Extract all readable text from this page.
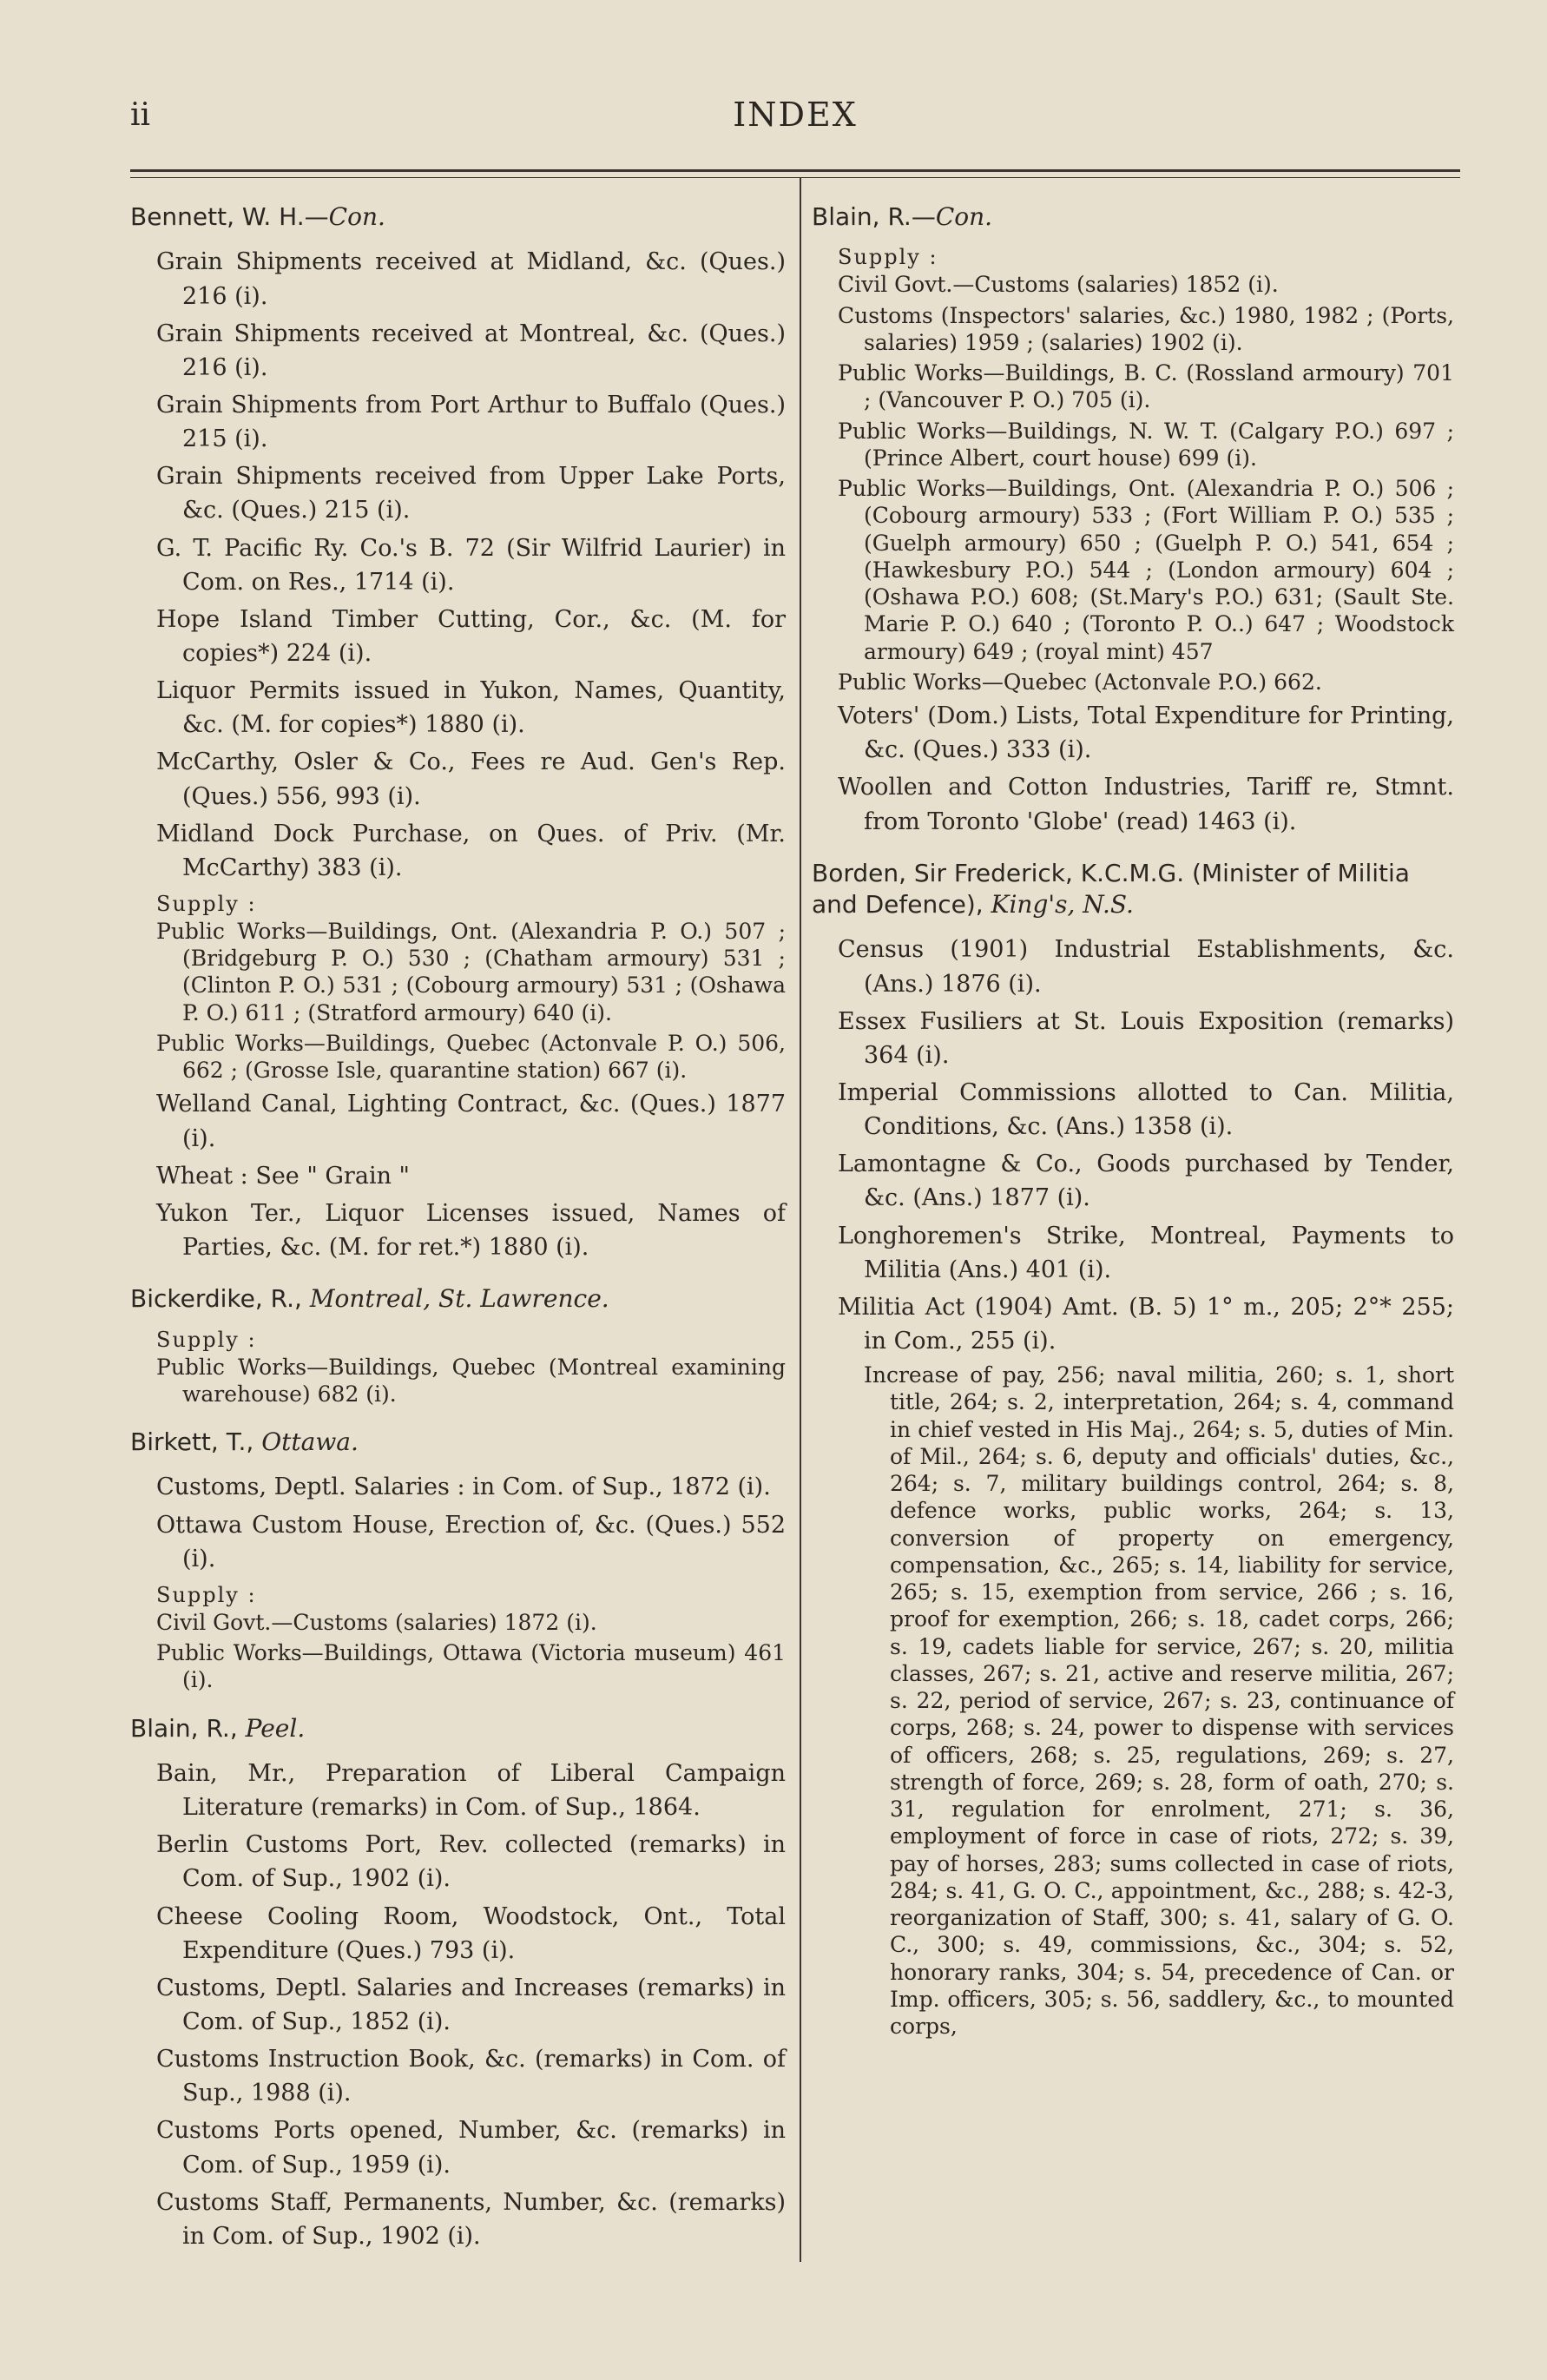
ii	INDEX
Bennett, W. H.—Con.
Grain Shipments received at Midland, &c. (Ques.) 216 (i).
Grain Shipments received at Montreal, &c. (Ques.) 216 (i).
Grain Shipments from Port Arthur to Buffalo (Ques.) 215 (i).
Grain Shipments received from Upper Lake Ports, &c. (Ques.) 215 (i).
G. T. Pacific Ry. Co.'s B. 72 (Sir Wilfrid Laurier) in Com. on Res., 1714 (i).
Hope Island Timber Cutting, Cor., &c. (M. for copies*) 224 (i).
Liquor Permits issued in Yukon, Names, Quantity, &c. (M. for copies*) 1880 (i).
McCarthy, Osler & Co., Fees re Aud. Gen's Rep. (Ques.) 556, 993 (i).
Midland Dock Purchase, on Ques. of Priv. (Mr. McCarthy) 383 (i).
Supply :
Public Works—Buildings, Ont. (Alexandria P. O.) 507 ; (Bridgeburg P. O.) 530 ; (Chatham armoury) 531 ; (Clinton P. O.) 531 ; (Cobourg armoury) 531 ; (Oshawa P. O.) 611 ; (Stratford armoury) 640 (i).
Public Works—Buildings, Quebec (Actonvale P. O.) 506, 662 ; (Grosse Isle, quarantine station) 667 (i).
Welland Canal, Lighting Contract, &c. (Ques.) 1877 (i).
Wheat : See " Grain "
Yukon Ter., Liquor Licenses issued, Names of Parties, &c. (M. for ret.*) 1880 (i).
Bickerdike, R., Montreal, St. Lawrence.
Supply :
Public Works—Buildings, Quebec (Montreal examining warehouse) 682 (i).
Birkett, T., Ottawa.
Customs, Deptl. Salaries : in Com. of Sup., 1872 (i).
Ottawa Custom House, Erection of, &c. (Ques.) 552 (i).
Supply :
Civil Govt.—Customs (salaries) 1872 (i).
Public Works—Buildings, Ottawa (Victoria museum) 461 (i).
Blain, R., Peel.
Bain, Mr., Preparation of Liberal Campaign Literature (remarks) in Com. of Sup., 1864.
Berlin Customs Port, Rev. collected (remarks) in Com. of Sup., 1902 (i).
Cheese Cooling Room, Woodstock, Ont., Total Expenditure (Ques.) 793 (i).
Customs, Deptl. Salaries and Increases (remarks) in Com. of Sup., 1852 (i).
Customs Instruction Book, &c. (remarks) in Com. of Sup., 1988 (i).
Customs Ports opened, Number, &c. (remarks) in Com. of Sup., 1959 (i).
Customs Staff, Permanents, Number, &c. (remarks) in Com. of Sup., 1902 (i).
Blain, R.—Con.
Supply :
Civil Govt.—Customs (salaries) 1852 (i).
Customs (Inspectors' salaries, &c.) 1980, 1982 ; (Ports, salaries) 1959 ; (salaries) 1902 (i).
Public Works—Buildings, B. C. (Rossland armoury) 701 ; (Vancouver P. O.) 705 (i).
Public Works—Buildings, N. W. T. (Calgary P.O.) 697 ; (Prince Albert, court house) 699 (i).
Public Works—Buildings, Ont. (Alexandria P. O.) 506 ; (Cobourg armoury) 533 ; (Fort William P. O.) 535 ; (Guelph armoury) 650 ; (Guelph P. O.) 541, 654 ; (Hawkesbury P.O.) 544 ; (London armoury) 604 ; (Oshawa P.O.) 608; (St.Mary's P.O.) 631; (Sault Ste. Marie P. O.) 640 ; (Toronto P. O..) 647 ; Woodstock armoury) 649 ; (royal mint) 457
Public Works—Quebec (Actonvale P.O.) 662.
Voters' (Dom.) Lists, Total Expenditure for Printing, &c. (Ques.) 333 (i).
Woollen and Cotton Industries, Tariff re, Stmnt. from Toronto 'Globe' (read) 1463 (i).
Borden, Sir Frederick, K.C.M.G. (Minister of Militia and Defence), King's, N.S.
Census (1901) Industrial Establishments, &c. (Ans.) 1876 (i).
Essex Fusiliers at St. Louis Exposition (remarks) 364 (i).
Imperial Commissions allotted to Can. Militia, Conditions, &c. (Ans.) 1358 (i).
Lamontagne & Co., Goods purchased by Tender, &c. (Ans.) 1877 (i).
Longhoremen's Strike, Montreal, Payments to Militia (Ans.) 401 (i).
Militia Act (1904) Amt. (B. 5) 1° m., 205; 2°* 255; in Com., 255 (i).
Increase of pay, 256; naval militia, 260; s. 1, short title, 264; s. 2, interpretation, 264; s. 4, command in chief vested in His Maj., 264; s. 5, duties of Min. of Mil., 264; s. 6, deputy and officials' duties, &c., 264; s. 7, military buildings control, 264; s. 8, defence works, public works, 264; s. 13, conversion of property on emergency, compensation, &c., 265; s. 14, liability for service, 265; s. 15, exemption from service, 266 ; s. 16, proof for exemption, 266; s. 18, cadet corps, 266; s. 19, cadets liable for service, 267; s. 20, militia classes, 267; s. 21, active and reserve militia, 267; s. 22, period of service, 267; s. 23, continuance of corps, 268; s. 24, power to dispense with services of officers, 268; s. 25, regulations, 269; s. 27, strength of force, 269; s. 28, form of oath, 270; s. 31, regulation for enrolment, 271; s. 36, employment of force in case of riots, 272; s. 39, pay of horses, 283; sums collected in case of riots, 284; s. 41, G. O. C., appointment, &c., 288; s. 42-3, reorganization of Staff, 300; s. 41, salary of G. O. C., 300; s. 49, commissions, &c., 304; s. 52, honorary ranks, 304; s. 54, precedence of Can. or Imp. officers, 305; s. 56, saddlery, &c., to mounted corps,
